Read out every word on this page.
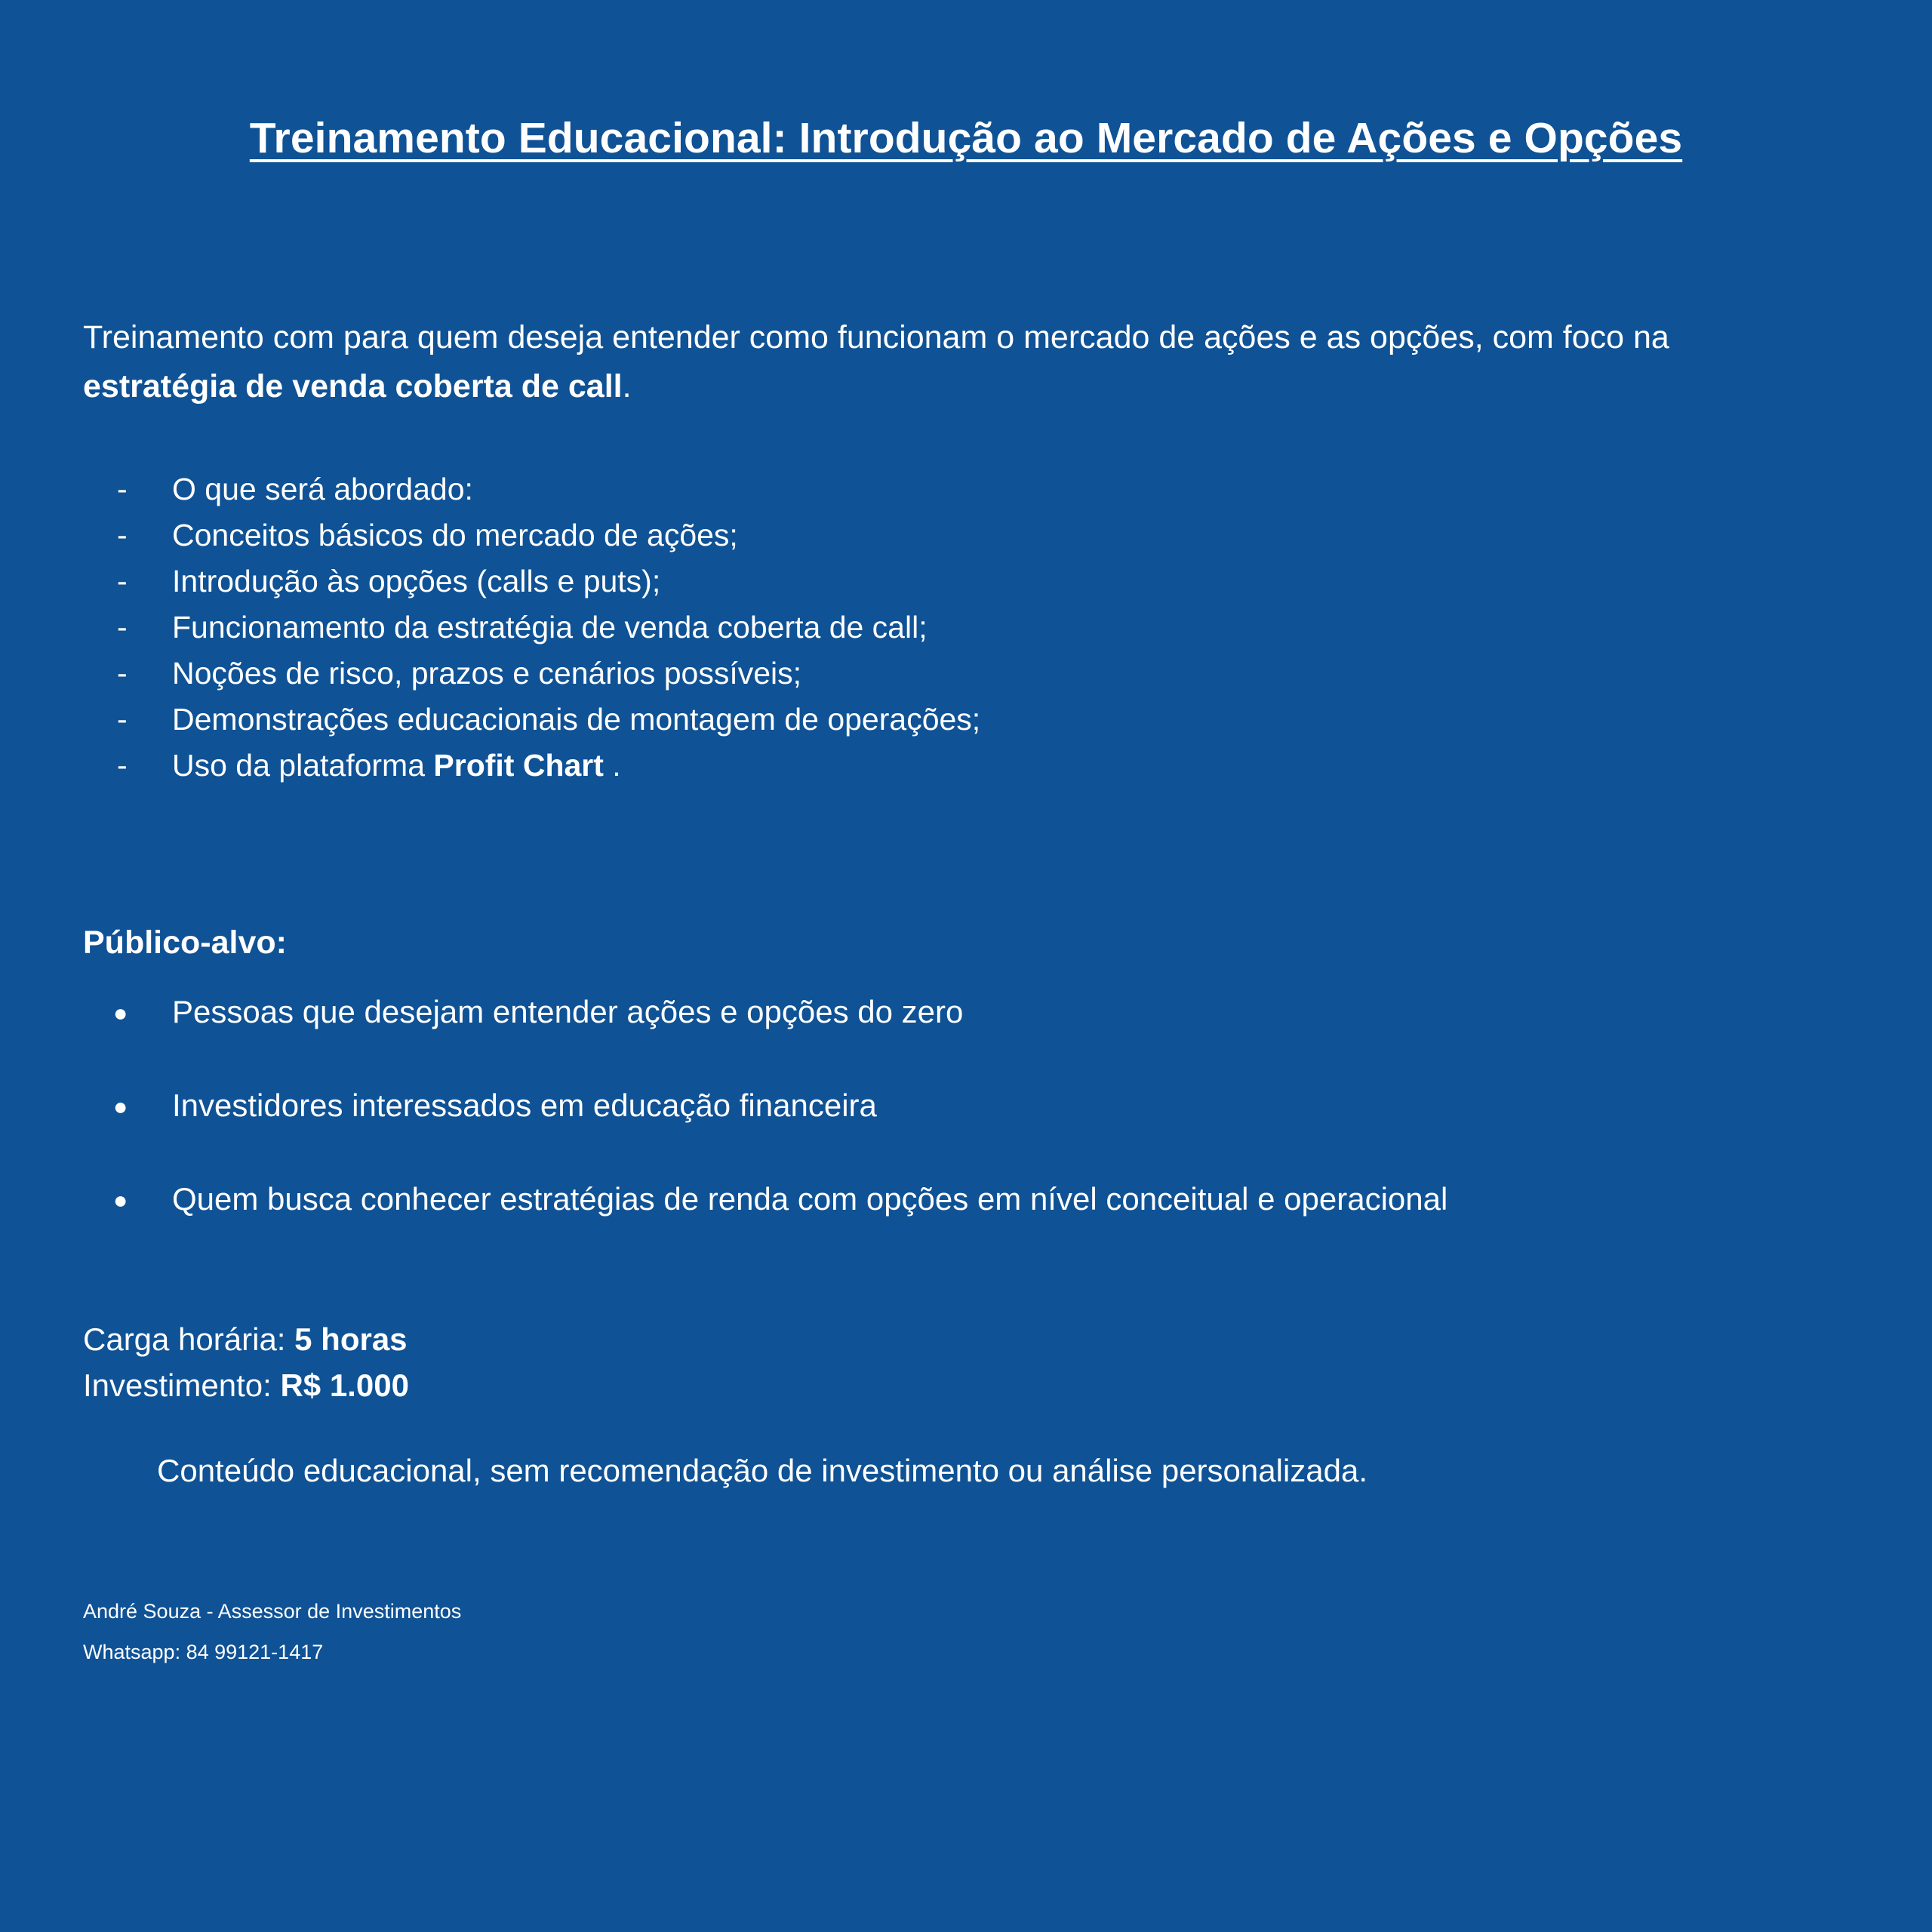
Treinamento Educacional: Introdução ao Mercado de Ações e Opções

Treinamento com para quem deseja entender como funcionam o mercado de ações e as opções, com foco na estratégia de venda coberta de call.

- O que será abordado:
- Conceitos básicos do mercado de ações;
- Introdução às opções (calls e puts);
- Funcionamento da estratégia de venda coberta de call;
- Noções de risco, prazos e cenários possíveis;
- Demonstrações educacionais de montagem de operações;
- Uso da plataforma Profit Chart .
Público-alvo:
● Pessoas que desejam entender ações e opções do zero
● Investidores interessados em educação financeira
● Quem busca conhecer estratégias de renda com opções em nível conceitual e operacional
Carga horária: 5 horas
Investimento: R$ 1.000
Conteúdo educacional, sem recomendação de investimento ou análise personalizada.
André Souza - Assessor de Investimentos
Whatsapp: 84 99121-1417
